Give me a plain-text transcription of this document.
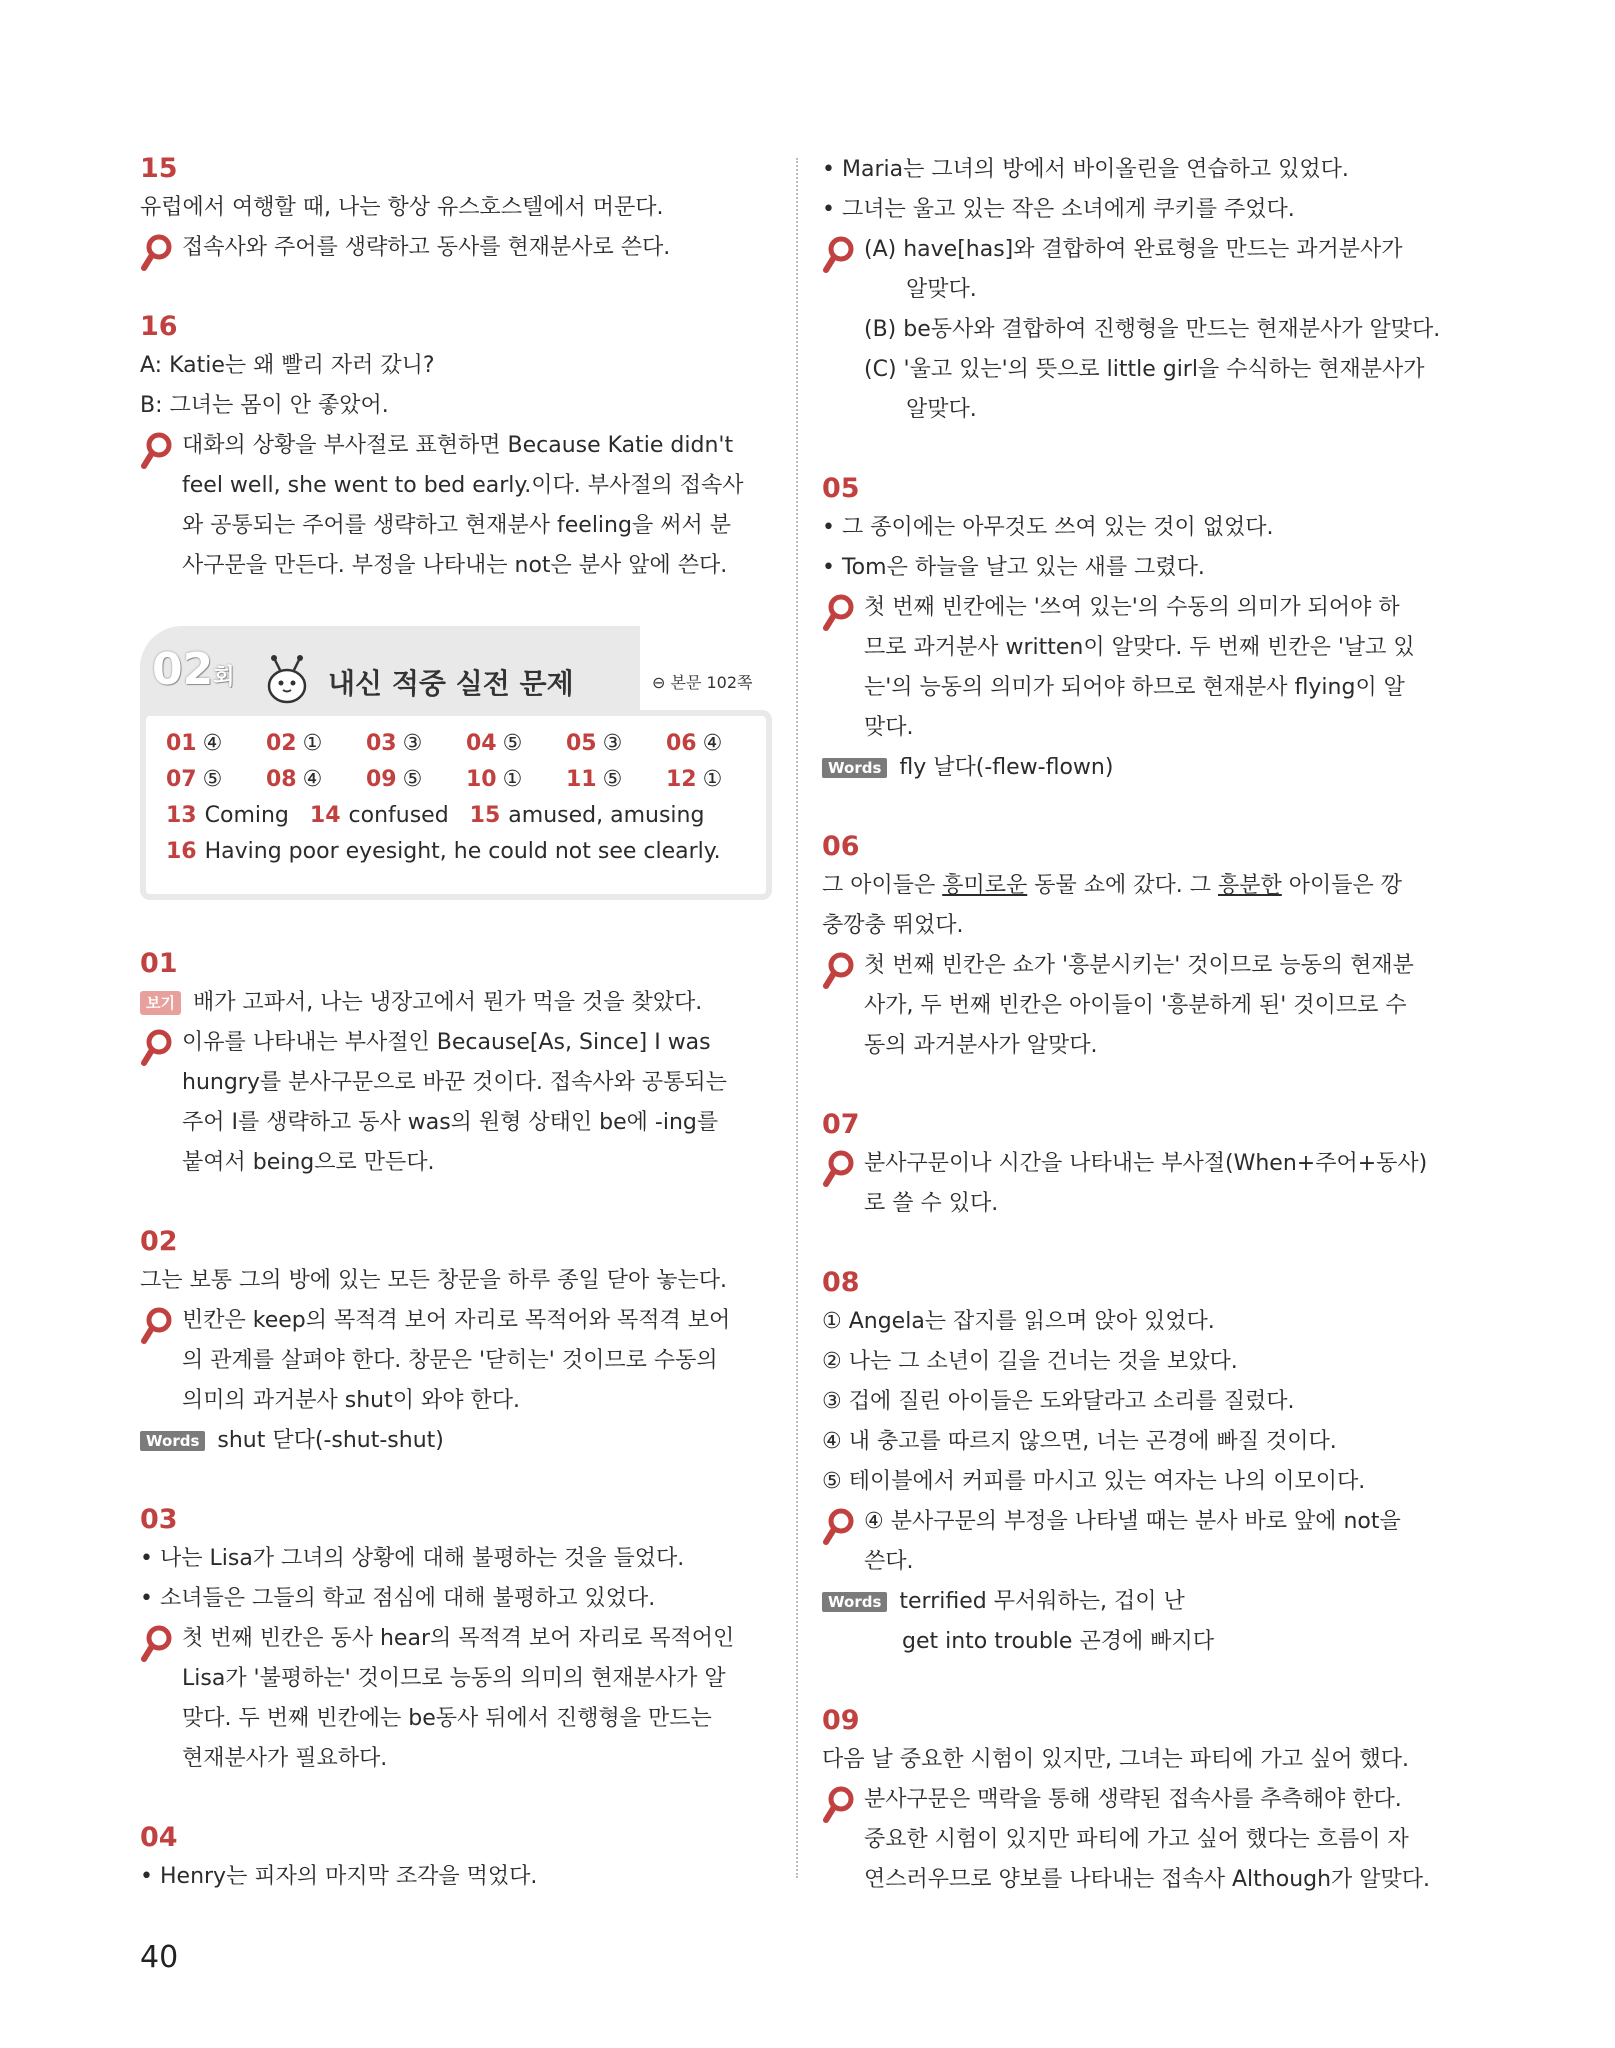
15

유럽에서 여행할 때, 나는 항상 유스호스텔에서 머문다.

접속사와 주어를 생략하고 동사를 현재분사로 쓴다.

16

A: Katie는 왜 빨리 자러 갔니?

B: 그녀는 몸이 안 좋았어.

대화의 상황을 부사절로 표현하면 Because Katie didn't
feel well, she went to bed early.이다. 부사절의 접속사
와 공통되는 주어를 생략하고 현재분사 feeling을 써서 분
사구문을 만든다. 부정을 나타내는 not은 분사 앞에 쓴다.
02회	내신 적중 실전 문제
⊖	본문 102쪽
01 ④	02 ①	03 ③	04 ⑤	05 ③	06 ④
07 ⑤	08 ④	09 ⑤	10 ①	11 ⑤	12 ①
13 Coming 14 confused 15 amused, amusing
16 Having poor eyesight, he could not see clearly.

01

보기 배가 고파서, 나는 냉장고에서 뭔가 먹을 것을 찾았다.

이유를 나타내는 부사절인 Because[As, Since] I was
hungry를 분사구문으로 바꾼 것이다. 접속사와 공통되는
주어 I를 생략하고 동사 was의 원형 상태인 be에 -ing를
붙여서 being으로 만든다.

02

그는 보통 그의 방에 있는 모든 창문을 하루 종일 닫아 놓는다.

빈칸은 keep의 목적격 보어 자리로 목적어와 목적격 보어
의 관계를 살펴야 한다. 창문은 '닫히는' 것이므로 수동의
의미의 과거분사 shut이 와야 한다.

Words shut 닫다(-shut-shut)

03

• 나는 Lisa가 그녀의 상황에 대해 불평하는 것을 들었다.

• 소녀들은 그들의 학교 점심에 대해 불평하고 있었다.

첫 번째 빈칸은 동사 hear의 목적격 보어 자리로 목적어인
Lisa가 '불평하는' 것이므로 능동의 의미의 현재분사가 알
맞다. 두 번째 빈칸에는 be동사 뒤에서 진행형을 만드는
현재분사가 필요하다.

04

• Henry는 피자의 마지막 조각을 먹었다.

• Maria는 그녀의 방에서 바이올린을 연습하고 있었다.

• 그녀는 울고 있는 작은 소녀에게 쿠키를 주었다.

(A) have[has]와 결합하여 완료형을 만드는 과거분사가
알맞다.
(B) be동사와 결합하여 진행형을 만드는 현재분사가 알맞다.
(C) '울고 있는'의 뜻으로 little girl을 수식하는 현재분사가
알맞다.

05

• 그 종이에는 아무것도 쓰여 있는 것이 없었다.

• Tom은 하늘을 날고 있는 새를 그렸다.

첫 번째 빈칸에는 '쓰여 있는'의 수동의 의미가 되어야 하
므로 과거분사 written이 알맞다. 두 번째 빈칸은 '날고 있
는'의 능동의 의미가 되어야 하므로 현재분사 flying이 알
맞다.

Words fly 날다(-flew-flown)

06

그 아이들은 흥미로운 동물 쇼에 갔다. 그 흥분한 아이들은 깡

충깡충 뛰었다.

첫 번째 빈칸은 쇼가 '흥분시키는' 것이므로 능동의 현재분
사가, 두 번째 빈칸은 아이들이 '흥분하게 된' 것이므로 수
동의 과거분사가 알맞다.

07

분사구문이나 시간을 나타내는 부사절(When+주어+동사)
로 쓸 수 있다.

08

① Angela는 잡지를 읽으며 앉아 있었다.

② 나는 그 소년이 길을 건너는 것을 보았다.

③ 겁에 질린 아이들은 도와달라고 소리를 질렀다.

④ 내 충고를 따르지 않으면, 너는 곤경에 빠질 것이다.

⑤ 테이블에서 커피를 마시고 있는 여자는 나의 이모이다.

④ 분사구문의 부정을 나타낼 때는 분사 바로 앞에 not을
쓴다.

Words terrified 무서워하는, 겁이 난

get into trouble 곤경에 빠지다

09

다음 날 중요한 시험이 있지만, 그녀는 파티에 가고 싶어 했다.

분사구문은 맥락을 통해 생략된 접속사를 추측해야 한다.
중요한 시험이 있지만 파티에 가고 싶어 했다는 흐름이 자
연스러우므로 양보를 나타내는 접속사 Although가 알맞다.
40
